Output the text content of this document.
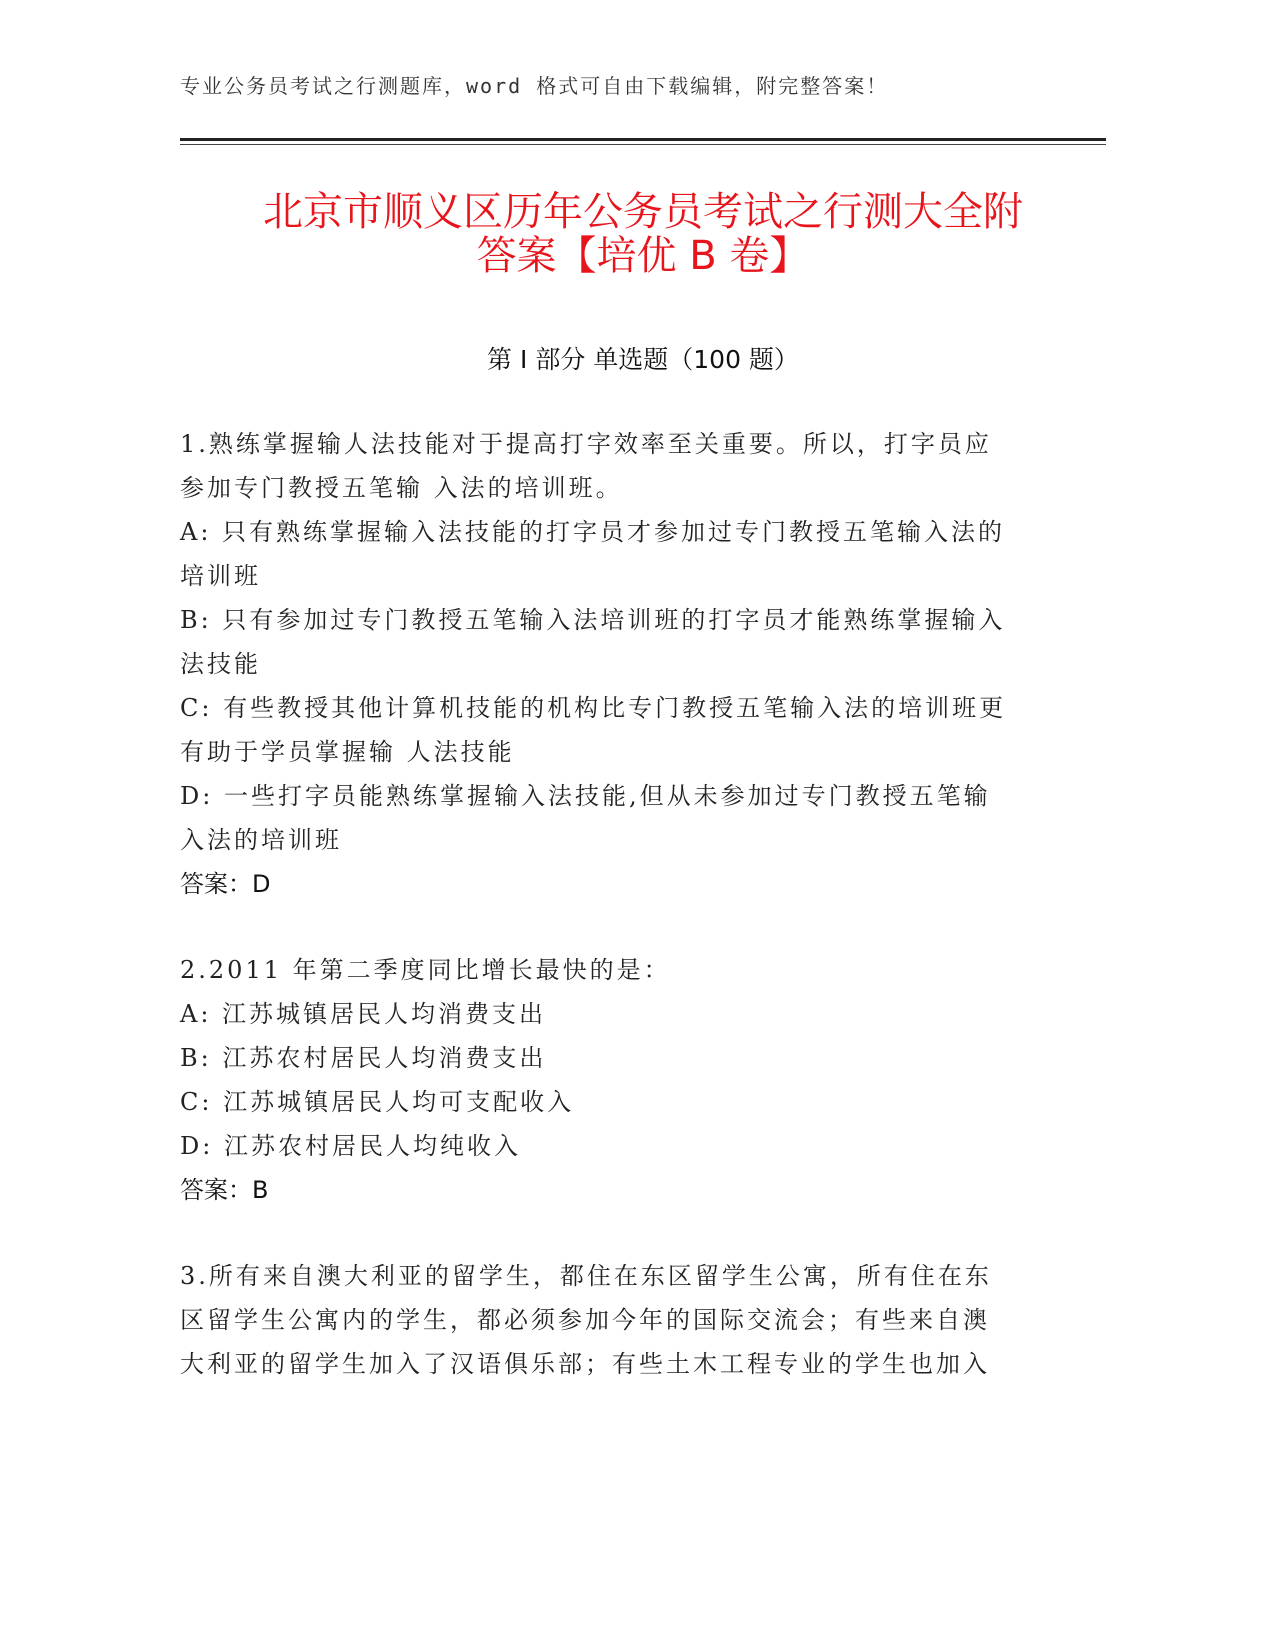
专业公务员考试之行测题库，word 格式可自由下载编辑，附完整答案！
北京市顺义区历年公务员考试之行测大全附
答案【培优 B 卷】
第 I 部分 单选题（100 题）

1.熟练掌握输人法技能对于提高打字效率至关重要。所以，打字员应

参加专门教授五笔输 入法的培训班。

A: 只有熟练掌握输入法技能的打字员才参加过专门教授五笔输入法的

培训班

B: 只有参加过专门教授五笔输入法培训班的打字员才能熟练掌握输入

法技能

C: 有些教授其他计算机技能的机构比专门教授五笔输入法的培训班更

有助于学员掌握输 人法技能

D: 一些打字员能熟练掌握输入法技能,但从未参加过专门教授五笔输

入法的培训班

答案：D

2.2011 年第二季度同比增长最快的是：

A: 江苏城镇居民人均消费支出

B: 江苏农村居民人均消费支出

C: 江苏城镇居民人均可支配收入

D: 江苏农村居民人均纯收入

答案：B

3.所有来自澳大利亚的留学生，都住在东区留学生公寓，所有住在东

区留学生公寓内的学生，都必须参加今年的国际交流会；有些来自澳

大利亚的留学生加入了汉语俱乐部；有些土木工程专业的学生也加入
